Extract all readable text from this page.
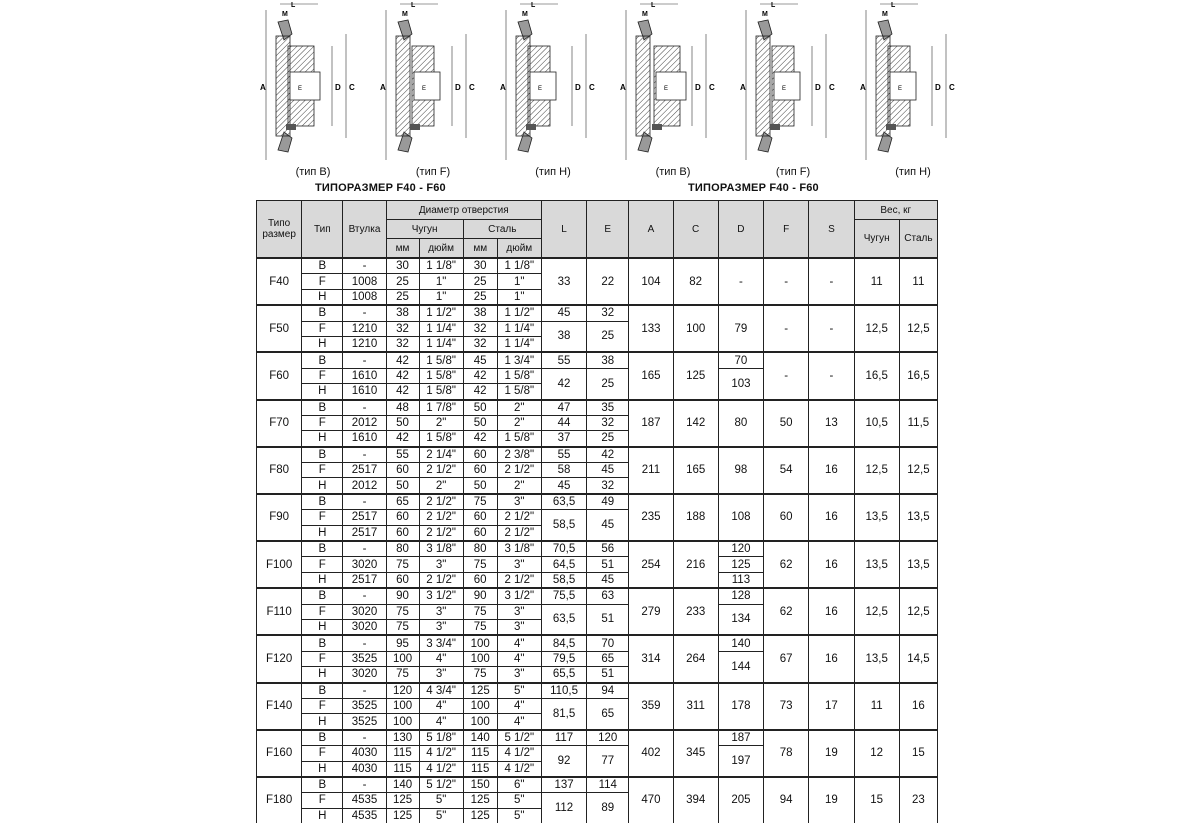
A
L
M
E	D C
(тип В)
A
L
M
E	D C
(тип F)
A
L
M
E	D C
(тип Н)
A
L
M
E	D C
(тип В)
A
L
M
E	D C
(тип F)
A
L
M
E	D C
(тип Н)
ТИПОРАЗМЕР F40 - F60	ТИПОРАЗМЕР F40 - F60
Типо размер	Тип	Втулка	Диаметр отверстия				L	E	A	C	D	F	S	Вес, кг	
			Чугун		Сталь									Чугун	Сталь
			мм	дюйм	мм	дюйм									
F40	B	-	30	1 1/8"	30	1 1/8"	33	22	104	82	-	-	-	11	11
	F	1008	25	1"	25	1"									
	H	1008	25	1"	25	1"									
F50	B	-	38	1 1/2"	38	1 1/2"	45	32	133	100	79	-	-	12,5	12,5
	F	1210	32	1 1/4"	32	1 1/4"	38	25							
	H	1210	32	1 1/4"	32	1 1/4"									
F60	B	-	42	1 5/8"	45	1 3/4"	55	38	165	125	70	-	-	16,5	16,5
	F	1610	42	1 5/8"	42	1 5/8"	42	25			103				
	H	1610	42	1 5/8"	42	1 5/8"									
F70	B	-	48	1 7/8"	50	2"	47	35	187	142	80	50	13	10,5	11,5
	F	2012	50	2"	50	2"	44	32							
	H	1610	42	1 5/8"	42	1 5/8"	37	25							
F80	B	-	55	2 1/4"	60	2 3/8"	55	42	211	165	98	54	16	12,5	12,5
	F	2517	60	2 1/2"	60	2 1/2"	58	45							
	H	2012	50	2"	50	2"	45	32							
F90	B	-	65	2 1/2"	75	3"	63,5	49	235	188	108	60	16	13,5	13,5
	F	2517	60	2 1/2"	60	2 1/2"	58,5	45							
	H	2517	60	2 1/2"	60	2 1/2"									
F100	B	-	80	3 1/8"	80	3 1/8"	70,5	56	254	216	120	62	16	13,5	13,5
	F	3020	75	3"	75	3"	64,5	51			125				
	H	2517	60	2 1/2"	60	2 1/2"	58,5	45			113				
F110	B	-	90	3 1/2"	90	3 1/2"	75,5	63	279	233	128	62	16	12,5	12,5
	F	3020	75	3"	75	3"	63,5	51			134				
	H	3020	75	3"	75	3"									
F120	B	-	95	3 3/4"	100	4"	84,5	70	314	264	140	67	16	13,5	14,5
	F	3525	100	4"	100	4"	79,5	65			144				
	H	3020	75	3"	75	3"	65,5	51							
F140	B	-	120	4 3/4"	125	5"	110,5	94	359	311	178	73	17	11	16
	F	3525	100	4"	100	4"	81,5	65							
	H	3525	100	4"	100	4"									
F160	B	-	130	5 1/8"	140	5 1/2"	117	120	402	345	187	78	19	12	15
	F	4030	115	4 1/2"	115	4 1/2"	92	77			197				
	H	4030	115	4 1/2"	115	4 1/2"									
F180	B	-	140	5 1/2"	150	6"	137	114	470	394	205	94	19	15	23
	F	4535	125	5"	125	5"	112	89							
	H	4535	125	5"	125	5"									
